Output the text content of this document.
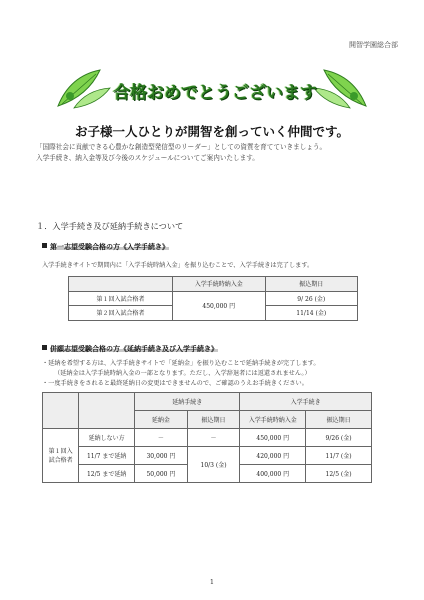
開智学園総合部
合格おめでとうございます
お子様一人ひとりが開智を創っていく仲間です。
「国際社会に貢献できる心豊かな創造型発信型のリーダー」としての資質を育てていきましょう。
入学手続き、納入金等及び今後のスケジュールについてご案内いたします。
１．入学手続き及び延納手続きについて
第一志望受験合格の方《入学手続き》
入学手続きサイトで期間内に「入学手続時納入金」を振り込むことで、入学手続きは完了します。
	入学手続時納入金	振込期日
第１回入試合格者	450,000 円	9/ 26 (金)
第２回入試合格者		11/14 (金)
併願志望受験合格の方《延納手続き及び入学手続き》
・延納を希望する方は、入学手続きサイトで「延納金」を振り込むことで延納手続きが完了します。
（延納金は入学手続時納入金の一部となります。ただし、入学辞退者には返還されません。）
・一度手続きをされると最終延納日の変更はできませんので、ご確認のうえお手続きください。
		延納手続き		入学手続き	
		延納金	振込期日	入学手続時納入金	振込期日
第１回入試合格者	延納しない方	－	－	450,000 円	9/26 (金)
	11/7 まで延納	30,000 円	10/3 (金)	420,000 円	11/7 (金)
	12/5 まで延納	50,000 円		400,000 円	12/5 (金)
1
